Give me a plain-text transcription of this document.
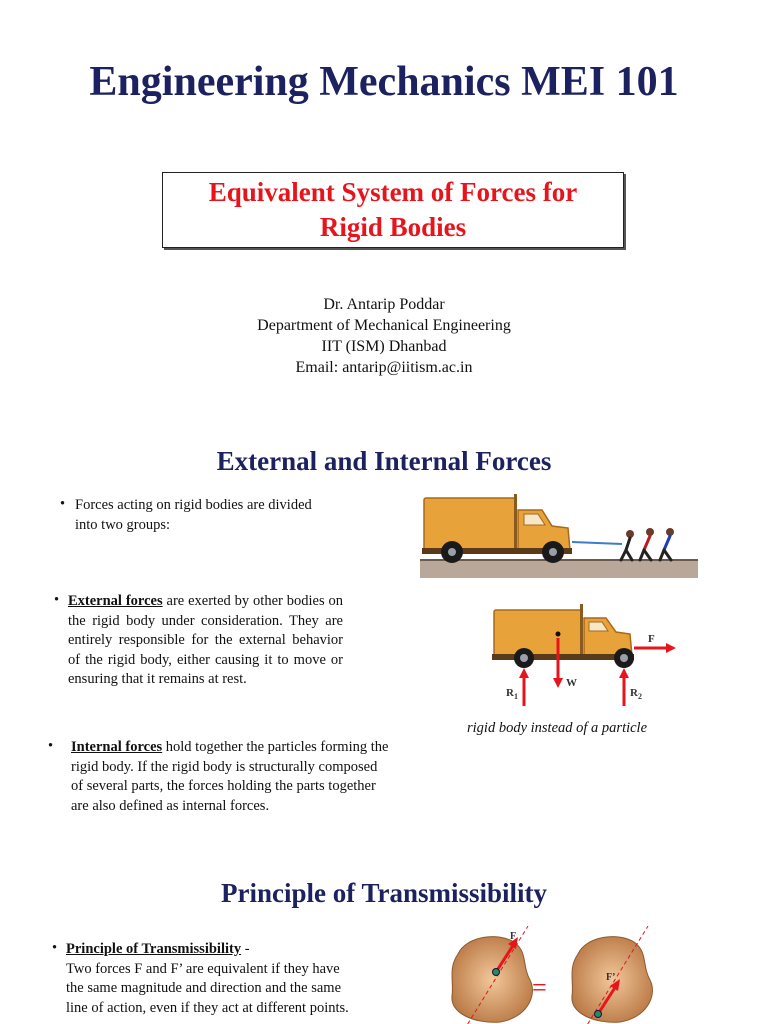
Engineering Mechanics MEI 101
Equivalent System of Forces for
Rigid Bodies
Dr. Antarip Poddar
Department of Mechanical Engineering
IIT (ISM) Dhanbad
Email: antarip@iitism.ac.in
External and Internal Forces
• Forces acting on rigid bodies are divided
into two groups:
• External forces are exerted by other bodies on the rigid body under consideration. They are entirely responsible for the external behavior of the rigid body, either causing it to move or ensuring that it remains at rest.
F
W
$R_1$	$R_2$
rigid body instead of a particle
• Internal forces hold together the particles forming the
rigid body. If the rigid body is structurally composed
of several parts, the forces holding the parts together
are also defined as internal forces.
Principle of Transmissibility
• Principle of Transmissibility -
Two forces F and F’ are equivalent if they have
the same magnitude and direction and the same
line of action, even if they act at different points.
F
=	F’
